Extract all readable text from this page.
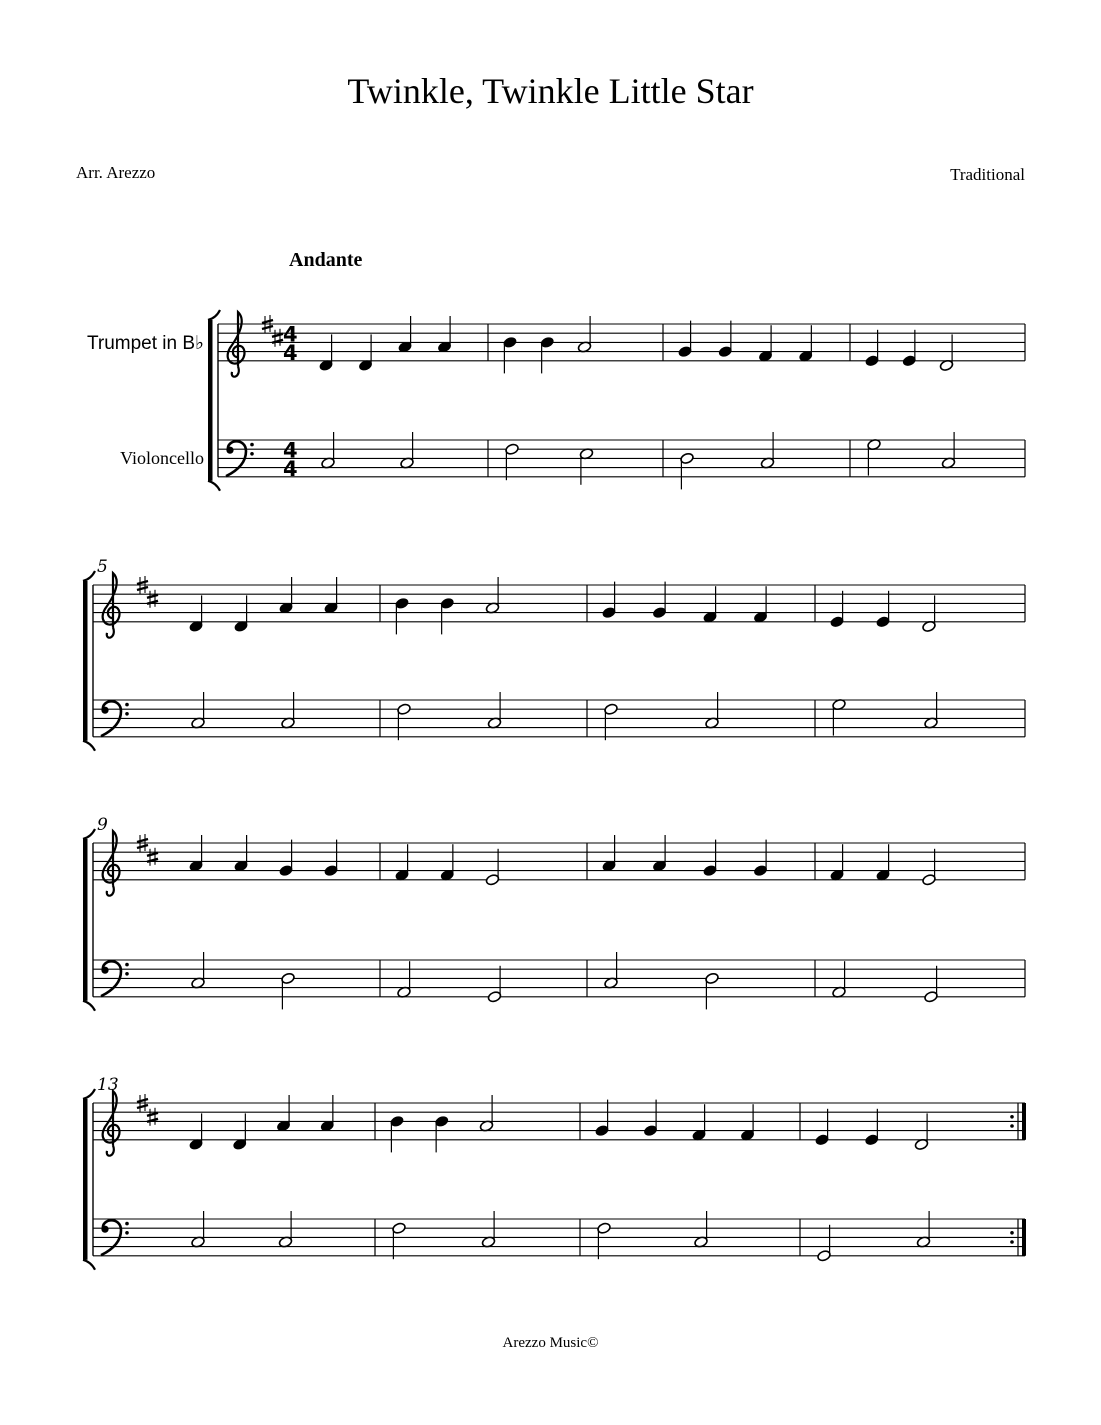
Twinkle, Twinkle Little Star
Arr. Arezzo	Traditional
Andante
Trumpet in B♭
Violoncello
Arezzo Music©
4
4
4
4
5
9
13
